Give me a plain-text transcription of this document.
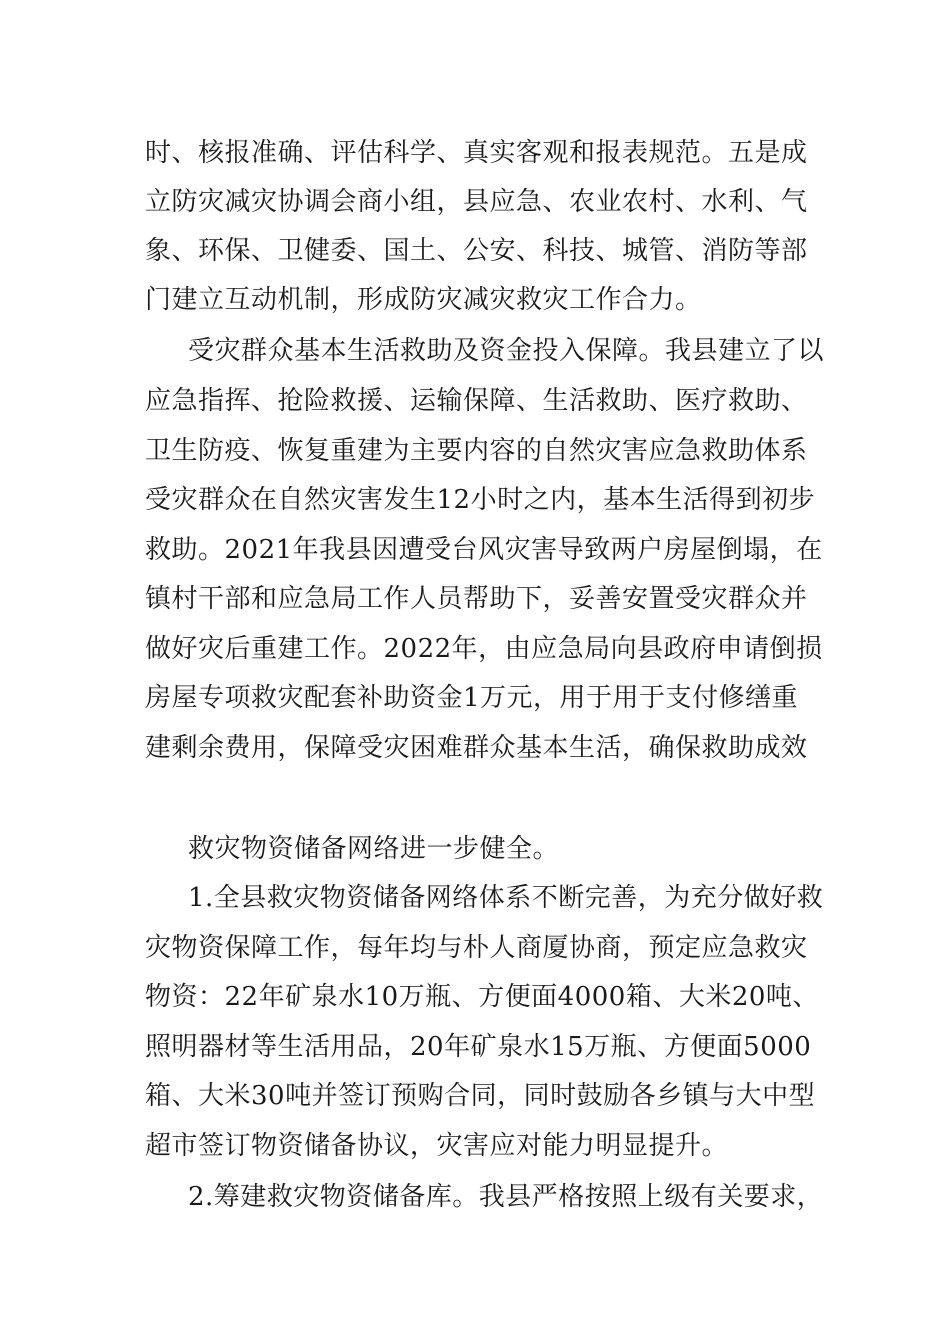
时、核报准确、评估科学、真实客观和报表规范。五是成
立防灾减灾协调会商小组，县应急、农业农村、水利、气
象、环保、卫健委、国土、公安、科技、城管、消防等部
门建立互动机制，形成防灾减灾救灾工作合力。
受灾群众基本生活救助及资金投入保障。我县建立了以
应急指挥、抢险救援、运输保障、生活救助、医疗救助、
卫生防疫、恢复重建为主要内容的自然灾害应急救助体系
受灾群众在自然灾害发生12小时之内，基本生活得到初步
救助。2021年我县因遭受台风灾害导致两户房屋倒塌，在
镇村干部和应急局工作人员帮助下，妥善安置受灾群众并
做好灾后重建工作。2022年，由应急局向县政府申请倒损
房屋专项救灾配套补助资金1万元，用于用于支付修缮重
建剩余费用，保障受灾困难群众基本生活，确保救助成效
救灾物资储备网络进一步健全。
1.全县救灾物资储备网络体系不断完善，为充分做好救
灾物资保障工作，每年均与朴人商厦协商，预定应急救灾
物资：22年矿泉水10万瓶、方便面4000箱、大米20吨、
照明器材等生活用品，20年矿泉水15万瓶、方便面5000
箱、大米30吨并签订预购合同，同时鼓励各乡镇与大中型
超市签订物资储备协议，灾害应对能力明显提升。
2.筹建救灾物资储备库。我县严格按照上级有关要求，
